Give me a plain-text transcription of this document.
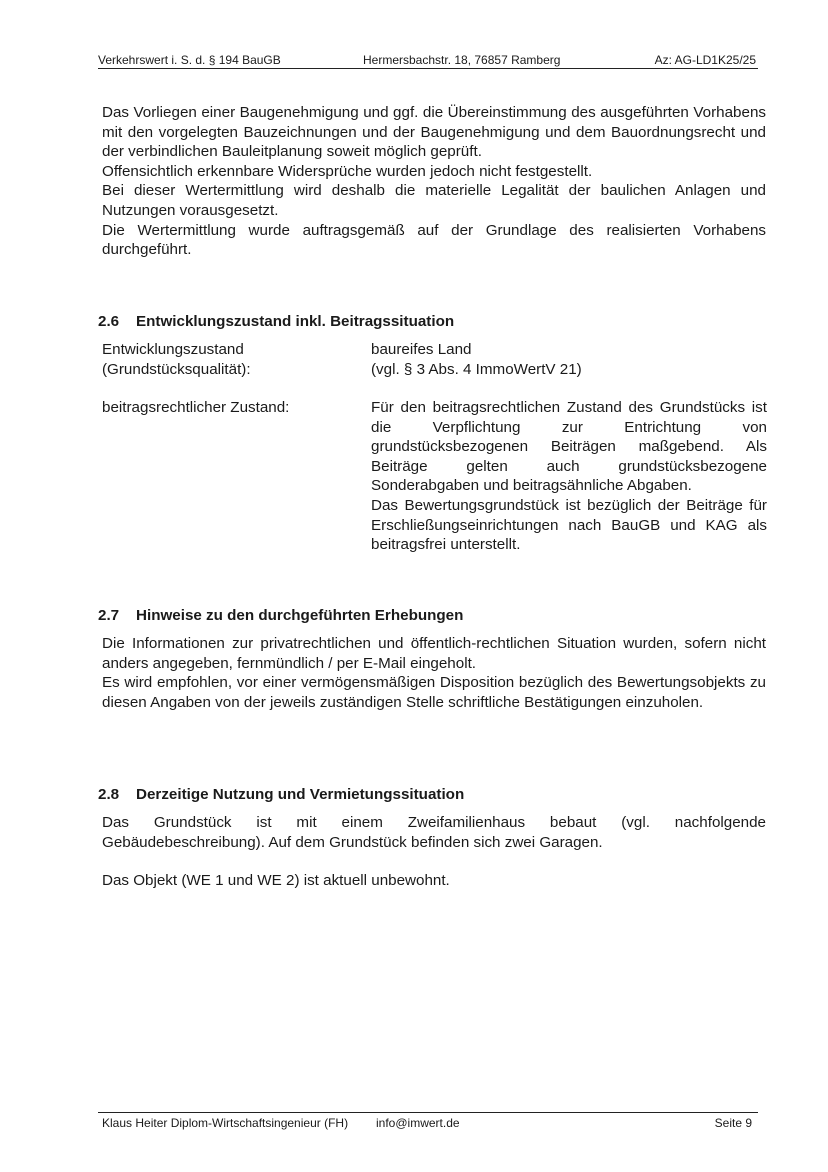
Verkehrswert i. S. d. § 194 BauGB	Hermersbachstr. 18, 76857 Ramberg	Az: AG-LD1K25/25

Das Vorliegen einer Baugenehmigung und ggf. die Übereinstimmung des ausgeführten Vorhabens mit den vorgelegten Bauzeichnungen und der Baugenehmigung und dem Bauordnungsrecht und der verbindlichen Bauleitplanung soweit möglich geprüft.

Offensichtlich erkennbare Widersprüche wurden jedoch nicht festgestellt.

Bei dieser Wertermittlung wird deshalb die materielle Legalität der baulichen Anlagen und Nutzungen vorausgesetzt.

Die Wertermittlung wurde auftragsgemäß auf der Grundlage des realisierten Vorhabens durchgeführt.

2.6 Entwicklungszustand inkl. Beitragssituation
Entwicklungszustand (Grundstücksqualität):

baureifes Land

(vgl. § 3 Abs. 4 ImmoWertV 21)

beitragsrechtlicher Zustand:	Für den beitragsrechtlichen Zustand des Grundstücks ist die Verpflichtung zur Entrichtung von grundstücksbezogenen Beiträgen maßgebend. Als Beiträge gelten auch grundstücksbezogene Sonderabgaben und beitragsähnliche Abgaben.

Das Bewertungsgrundstück ist bezüglich der Beiträge für Erschließungseinrichtungen nach BauGB und KAG als beitragsfrei unterstellt.

2.7 Hinweise zu den durchgeführten Erhebungen

Die Informationen zur privatrechtlichen und öffentlich-rechtlichen Situation wurden, sofern nicht anders angegeben, fernmündlich / per E-Mail eingeholt.

Es wird empfohlen, vor einer vermögensmäßigen Disposition bezüglich des Bewertungsobjekts zu diesen Angaben von der jeweils zuständigen Stelle schriftliche Bestätigungen einzuholen.

2.8 Derzeitige Nutzung und Vermietungssituation

Das Grundstück ist mit einem Zweifamilienhaus bebaut (vgl. nachfolgende Gebäudebeschreibung). Auf dem Grundstück befinden sich zwei Garagen.

Das Objekt (WE 1 und WE 2) ist aktuell unbewohnt.

Klaus Heiter Diplom-Wirtschaftsingenieur (FH) info@imwert.de	Seite 9
